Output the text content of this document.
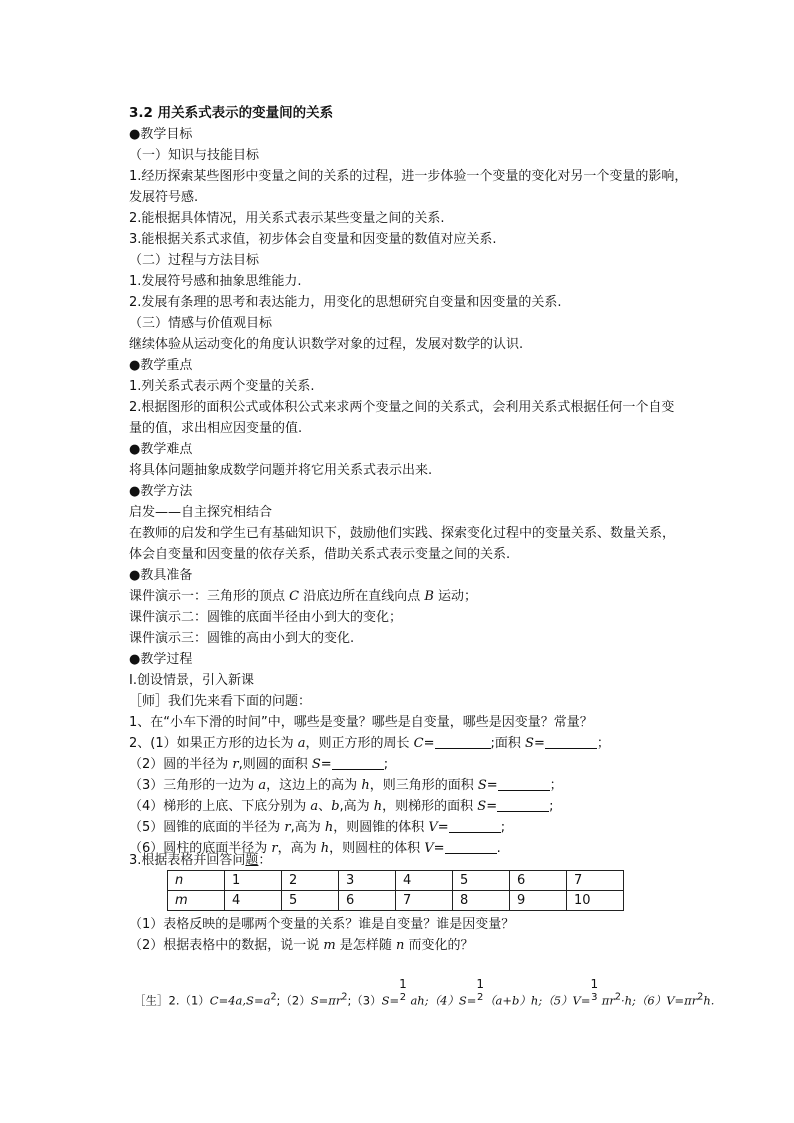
3.2 用关系式表示的变量间的关系
●教学目标
（一）知识与技能目标
1.经历探索某些图形中变量之间的关系的过程，进一步体验一个变量的变化对另一个变量的影响，
发展符号感.
2.能根据具体情况，用关系式表示某些变量之间的关系.
3.能根据关系式求值，初步体会自变量和因变量的数值对应关系.
（二）过程与方法目标
1.发展符号感和抽象思维能力.
2.发展有条理的思考和表达能力，用变化的思想研究自变量和因变量的关系.
（三）情感与价值观目标
继续体验从运动变化的角度认识数学对象的过程，发展对数学的认识.
●教学重点
1.列关系式表示两个变量的关系.
2.根据图形的面积公式或体积公式来求两个变量之间的关系式，会利用关系式根据任何一个自变
量的值，求出相应因变量的值.
●教学难点
将具体问题抽象成数学问题并将它用关系式表示出来.
●教学方法
启发——自主探究相结合
在教师的启发和学生已有基础知识下，鼓励他们实践、探索变化过程中的变量关系、数量关系，
体会自变量和因变量的依存关系，借助关系式表示变量之间的关系.
●教具准备
课件演示一：三角形的顶点 C 沿底边所在直线向点 B 运动；
课件演示二：圆锥的底面半径由小到大的变化；
课件演示三：圆锥的高由小到大的变化.
●教学过程
Ⅰ.创设情景，引入新课
［师］我们先来看下面的问题：
1、在“小车下滑的时间”中，哪些是变量？哪些是自变量，哪些是因变量？常量？
2、(1）如果正方形的边长为 a，则正方形的周长 C=	;面积 S=	；
（2）圆的半径为 r,则圆的面积 S=	;
（3）三角形的一边为 a，这边上的高为 h，则三角形的面积 S=	；
（4）梯形的上底、下底分别为 a、b,高为 h，则梯形的面积 S=	;
（5）圆锥的底面的半径为 r,高为 h，则圆锥的体积 V=	;
（6）圆柱的底面半径为 r，高为 h，则圆柱的体积 V=	.
3.根据表格并回答问题：
n	1	2	3	4	5	6	7
m	4	5	6	7	8	9	10
（1）表格反映的是哪两个变量的关系？谁是自变量？谁是因变量？
（2）根据表格中的数据，说一说 m 是怎样随 n 而变化的？
［生$]2.(1)C=4a,S=a^2;(2)S=\pi r^2;(3)S=$
1
2 ah;（4）S=
1
2 （a+b）h;（5）V=
1
3 $\pi r^2\cdot h;(6)V=\pi r^2h$.
